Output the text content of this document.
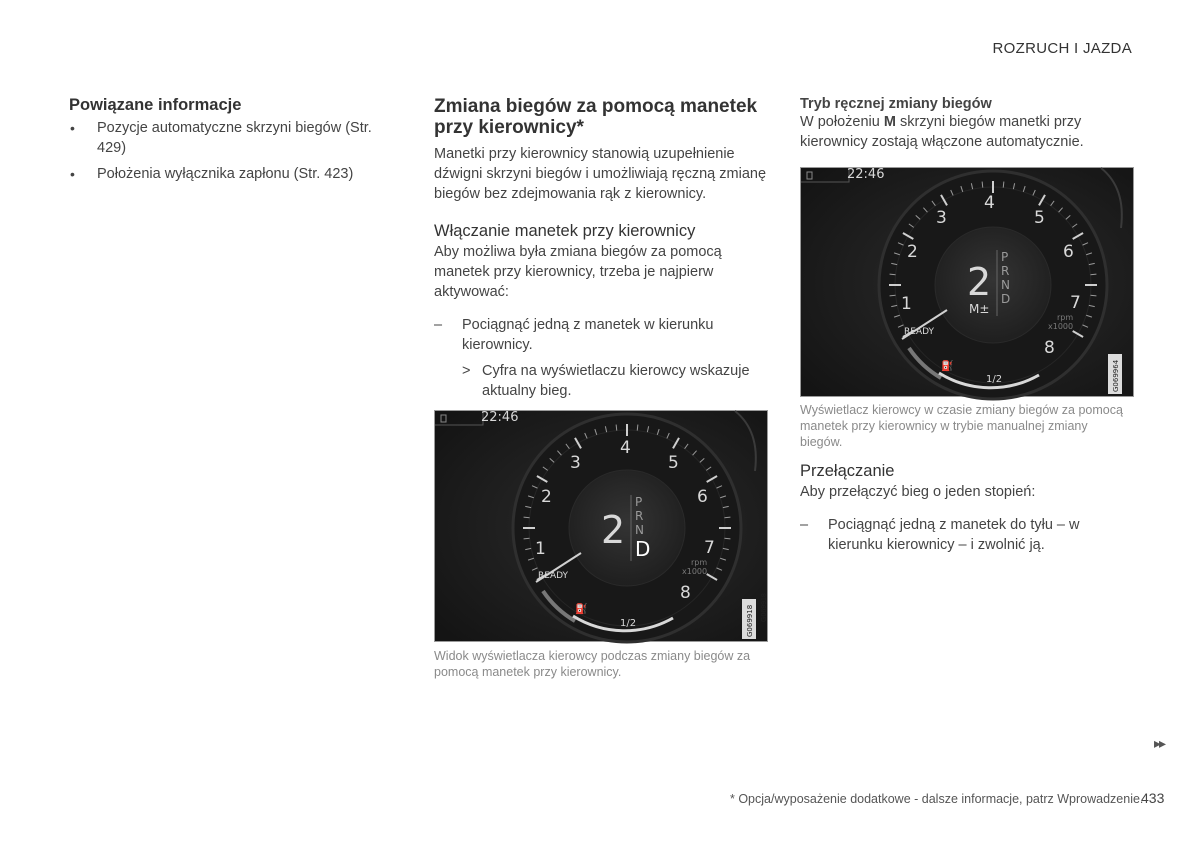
ROZRUCH I JAZDA
Powiązane informacje
• Pozycje automatyczne skrzyni biegów (Str. 429)
• Położenia wyłącznika zapłonu (Str. 423)
Zmiana biegów za pomocą manetek przy kierownicy*

Manetki przy kierownicy stanowią uzupełnienie dźwigni skrzyni biegów i umożliwiają ręczną zmianę biegów bez zdejmowania rąk z kierownicy.

Włączanie manetek przy kierownicy

Aby możliwa była zmiana biegów za pomocą manetek przy kierownicy, trzeba je najpierw aktywować:

– Pociągnąć jedną z manetek w kierunku kierownicy.
> Cyfra na wyświetlaczu kierowcy wskazuje aktualny bieg.
22:46
⛽
1/2
READY
rpm
x1000
1
2
3
4
5
6
7
8
2
P
R
N
D
G069918
G069918
Widok wyświetlacza kierowcy podczas zmiany biegów za pomocą manetek przy kierownicy.
Tryb ręcznej zmiany biegów

W położeniu M skrzyni biegów manetki przy kierownicy zostają włączone automatycznie.

22:46
⛽
1/2
READY
rpm
x1000
1
2
3
4
5
6
7
8
2
M±
P
R
N
D
G069964
Wyświetlacz kierowcy w czasie zmiany biegów za pomocą manetek przy kierownicy w trybie manualnej zmiany biegów.
Przełączanie

Aby przełączyć bieg o jeden stopień:

– Pociągnąć jedną z manetek do tyłu – w kierunku kierownicy – i zwolnić ją.
▸▸
* Opcja/wyposażenie dodatkowe - dalsze informacje, patrz Wprowadzenie.
433
